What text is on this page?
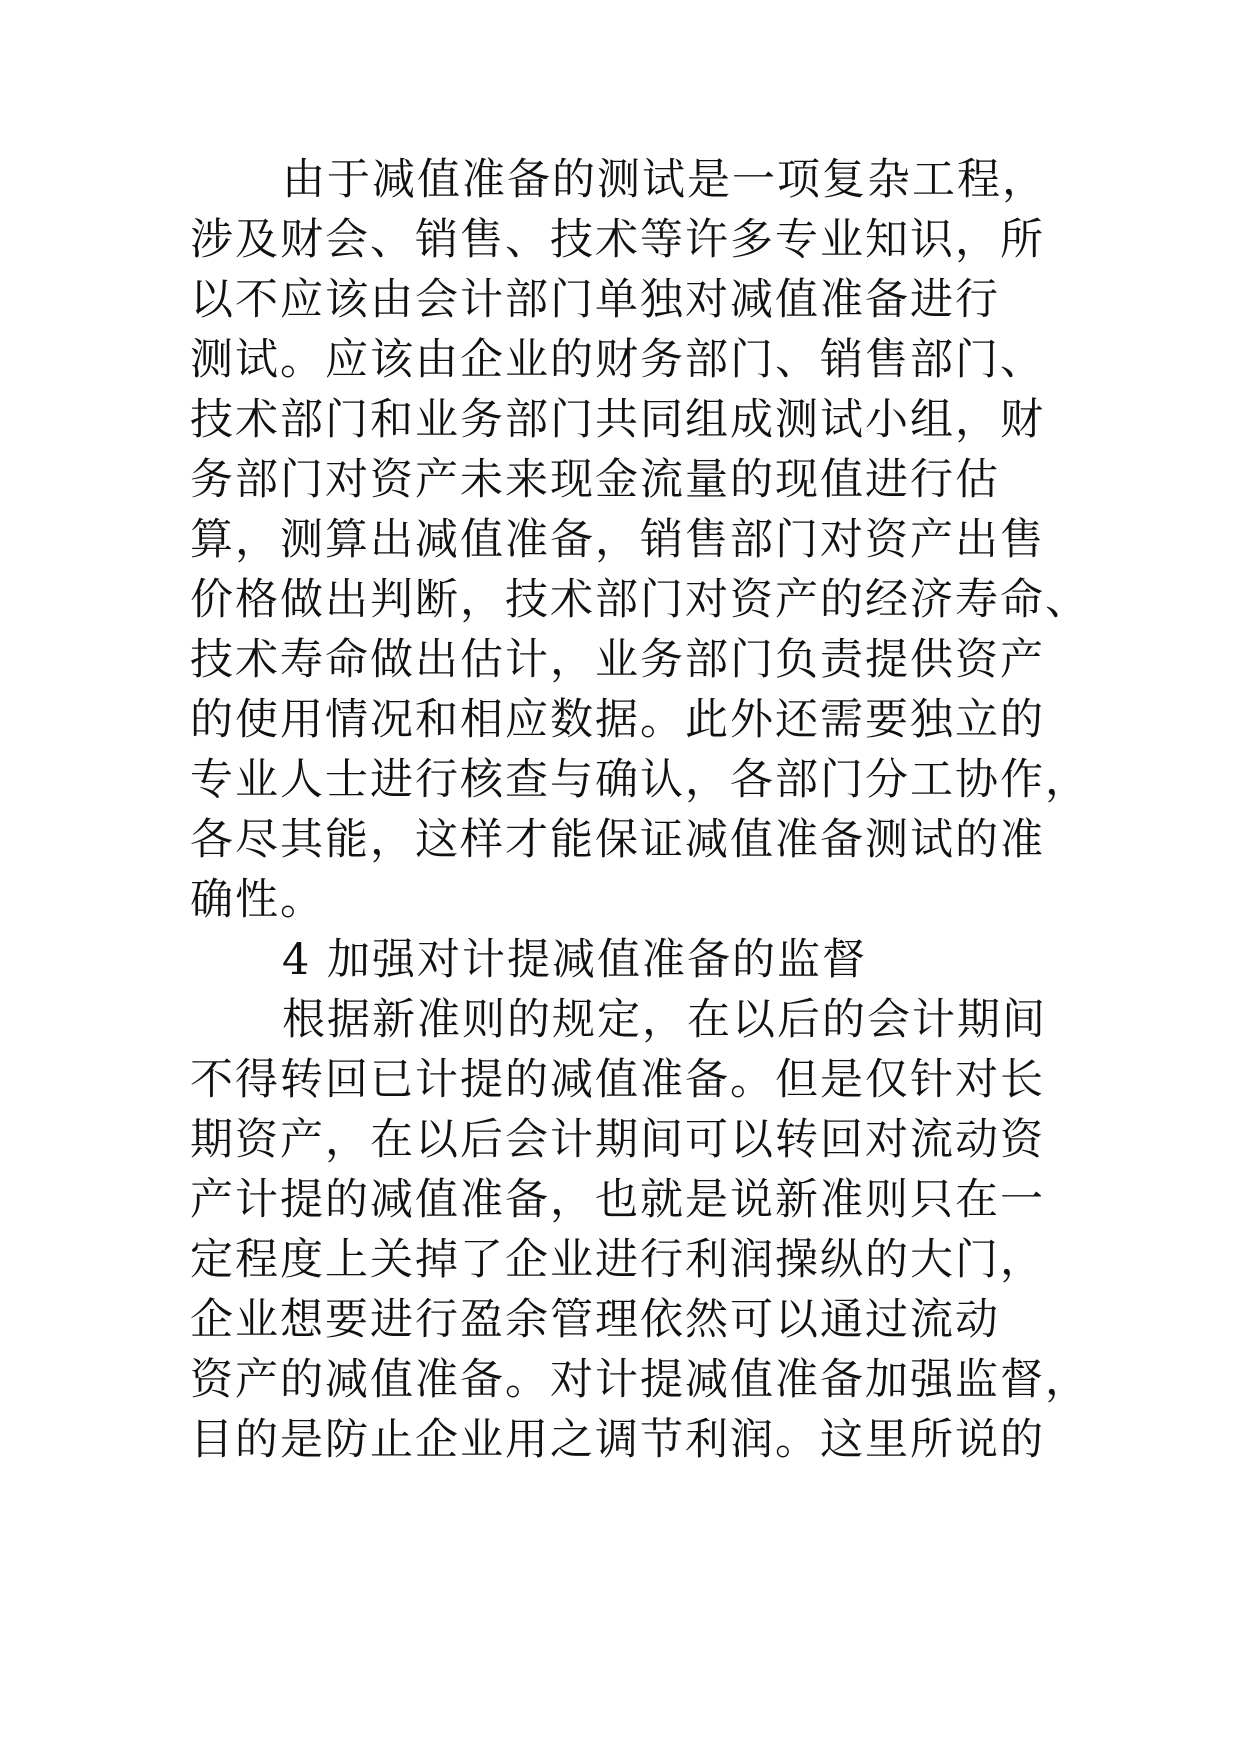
由于减值准备的测试是一项复杂工程，
涉及财会、销售、技术等许多专业知识，所
以不应该由会计部门单独对减值准备进行
测试。应该由企业的财务部门、销售部门、
技术部门和业务部门共同组成测试小组，财
务部门对资产未来现金流量的现值进行估
算，测算出减值准备，销售部门对资产出售
价格做出判断，技术部门对资产的经济寿命、
技术寿命做出估计，业务部门负责提供资产
的使用情况和相应数据。此外还需要独立的
专业人士进行核查与确认，各部门分工协作，
各尽其能，这样才能保证减值准备测试的准
确性。
4 加强对计提减值准备的监督
根据新准则的规定，在以后的会计期间
不得转回已计提的减值准备。但是仅针对长
期资产，在以后会计期间可以转回对流动资
产计提的减值准备，也就是说新准则只在一
定程度上关掉了企业进行利润操纵的大门，
企业想要进行盈余管理依然可以通过流动
资产的减值准备。对计提减值准备加强监督，
目的是防止企业用之调节利润。这里所说的
